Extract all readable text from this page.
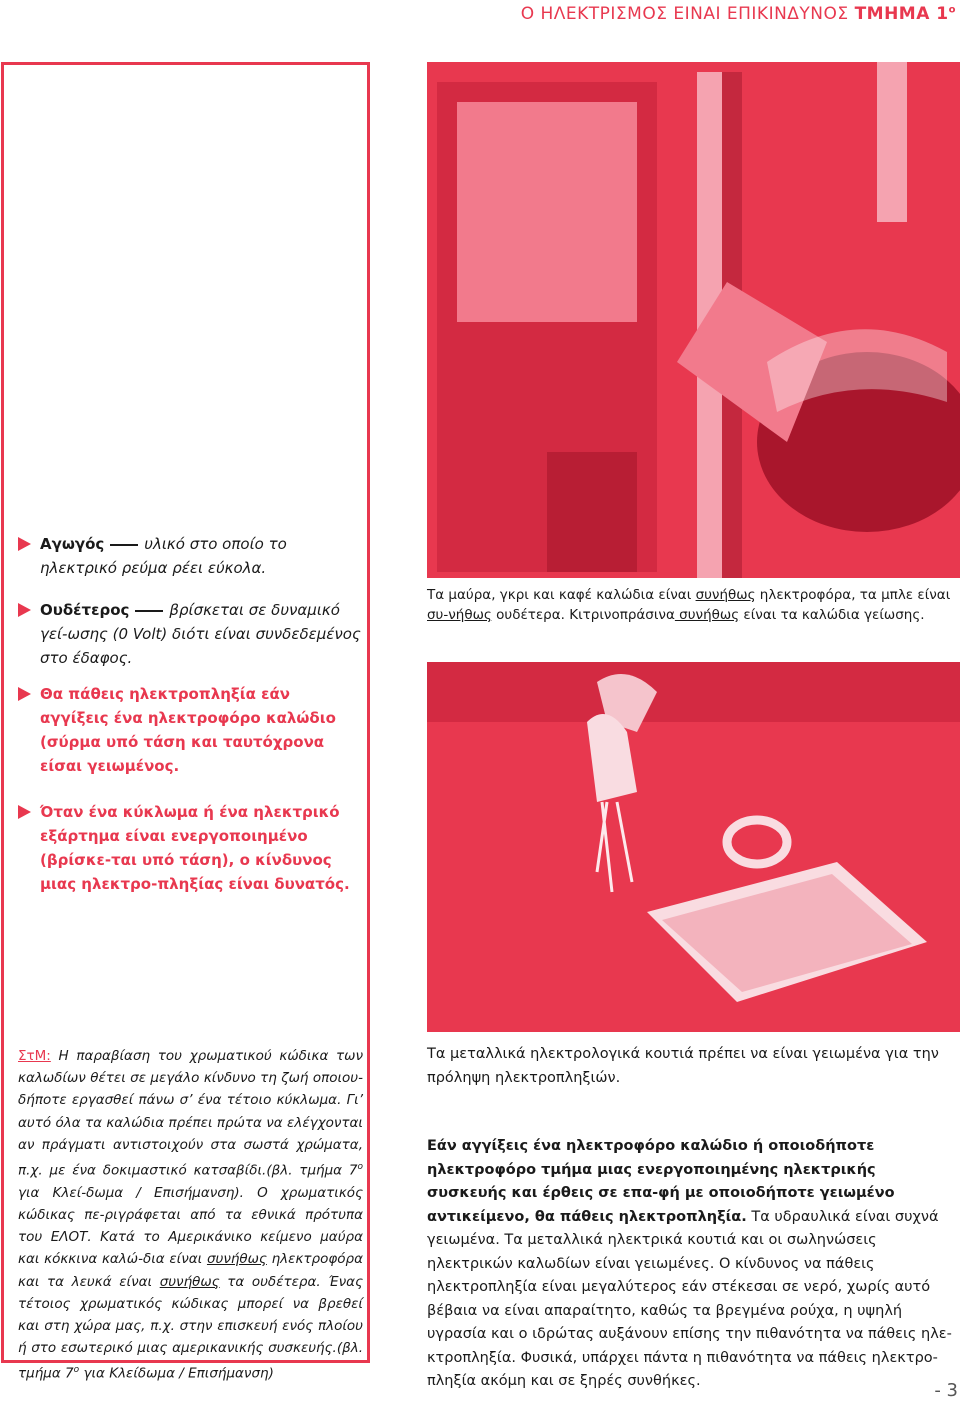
Ο ΗΛΕΚΤΡΙΣΜΟΣ ΕΙΝΑΙ ΕΠΙΚΙΝΔΥΝΟΣ ΤΜΗΜΑ $1^o$
Τα μαύρα, γκρι και καφέ καλώδια είναι συνήθως ηλεκτροφόρα, τα μπλε είναι συ-νήθως ουδέτερα. Κιτρινοπράσινα συνήθως είναι τα καλώδια γείωσης.
Αγωγός	υλικό στο οποίο το ηλεκτρικό ρεύμα ρέει εύκολα.
Ουδέτερος	βρίσκεται σε δυναμικό γεί-ωσης (0 Volt) διότι είναι συνδεδεμένος στο έδαφος.
Θα πάθεις ηλεκτροπληξία εάν αγγίξεις ένα ηλεκτροφόρο καλώδιο (σύρμα υπό τάση και ταυτόχρονα είσαι γειωμένος.
Όταν ένα κύκλωμα ή ένα ηλεκτρικό εξάρτημα είναι ενεργοποιημένο (βρίσκε-ται υπό τάση), ο κίνδυνος μιας ηλεκτρο-πληξίας είναι δυνατός.
ΣτΜ: Η παραβίαση του χρωματικού κώδικα των καλωδίων θέτει σε μεγάλο κίνδυνο τη ζωή οποιου-δήποτε εργασθεί πάνω σ’ ένα τέτοιο κύκλωμα. Γι’ αυτό όλα τα καλώδια πρέπει πρώτα να ελέγχονται αν πράγματι αντιστοιχούν στα σωστά χρώματα, π.χ. με ένα δοκιμαστικό κατσαβίδι.(βλ. τμήμα $7^o$ για Κλεί-δωμα / Επισήμανση). Ο χρωματικός κώδικας πε-ριγράφεται από τα εθνικά πρότυπα του ΕΛΟΤ. Κατά το Αμερικάνικο κείμενο μαύρα και κόκκινα καλώ-δια είναι συνήθως ηλεκτροφόρα και τα λευκά είναι συνήθως τα ουδέτερα. Ένας τέτοιος χρωματικός κώδικας μπορεί να βρεθεί και στη χώρα μας, π.χ. στην επισκευή ενός πλοίου ή στο εσωτερικό μιας αμερικανικής συσκευής.(βλ. τμήμα $7^o$ για Κλείδωμα / Επισήμανση)

Τα μεταλλικά ηλεκτρολογικά κουτιά πρέπει να είναι γειωμένα για την πρόληψη ηλεκτροπληξιών.

Εάν αγγίξεις ένα ηλεκτροφόρο καλώδιο ή οποιοδήποτε ηλεκτροφόρο τμήμα μιας ενεργοποιημένης ηλεκτρικής συσκευής και έρθεις σε επα-φή με οποιοδήποτε γειωμένο αντικείμενο, θα πάθεις ηλεκτροπληξία. Τα υδραυλικά είναι συχνά γειωμένα. Τα μεταλλικά ηλεκτρικά κουτιά και οι σωληνώσεις ηλεκτρικών καλωδίων είναι γειωμένες. Ο κίνδυνος να πάθεις ηλεκτροπληξία είναι μεγαλύτερος εάν στέκεσαι σε νερό, χωρίς αυτό βέβαια να είναι απαραίτητο, καθώς τα βρεγμένα ρούχα, η υψηλή υγρασία και ο ιδρώτας αυξάνουν επίσης την πιθανότητα να πάθεις ηλε-κτροπληξία. Φυσικά, υπάρχει πάντα η πιθανότητα να πάθεις ηλεκτρο-πληξία ακόμη και σε ξηρές συνθήκες.	- 3
